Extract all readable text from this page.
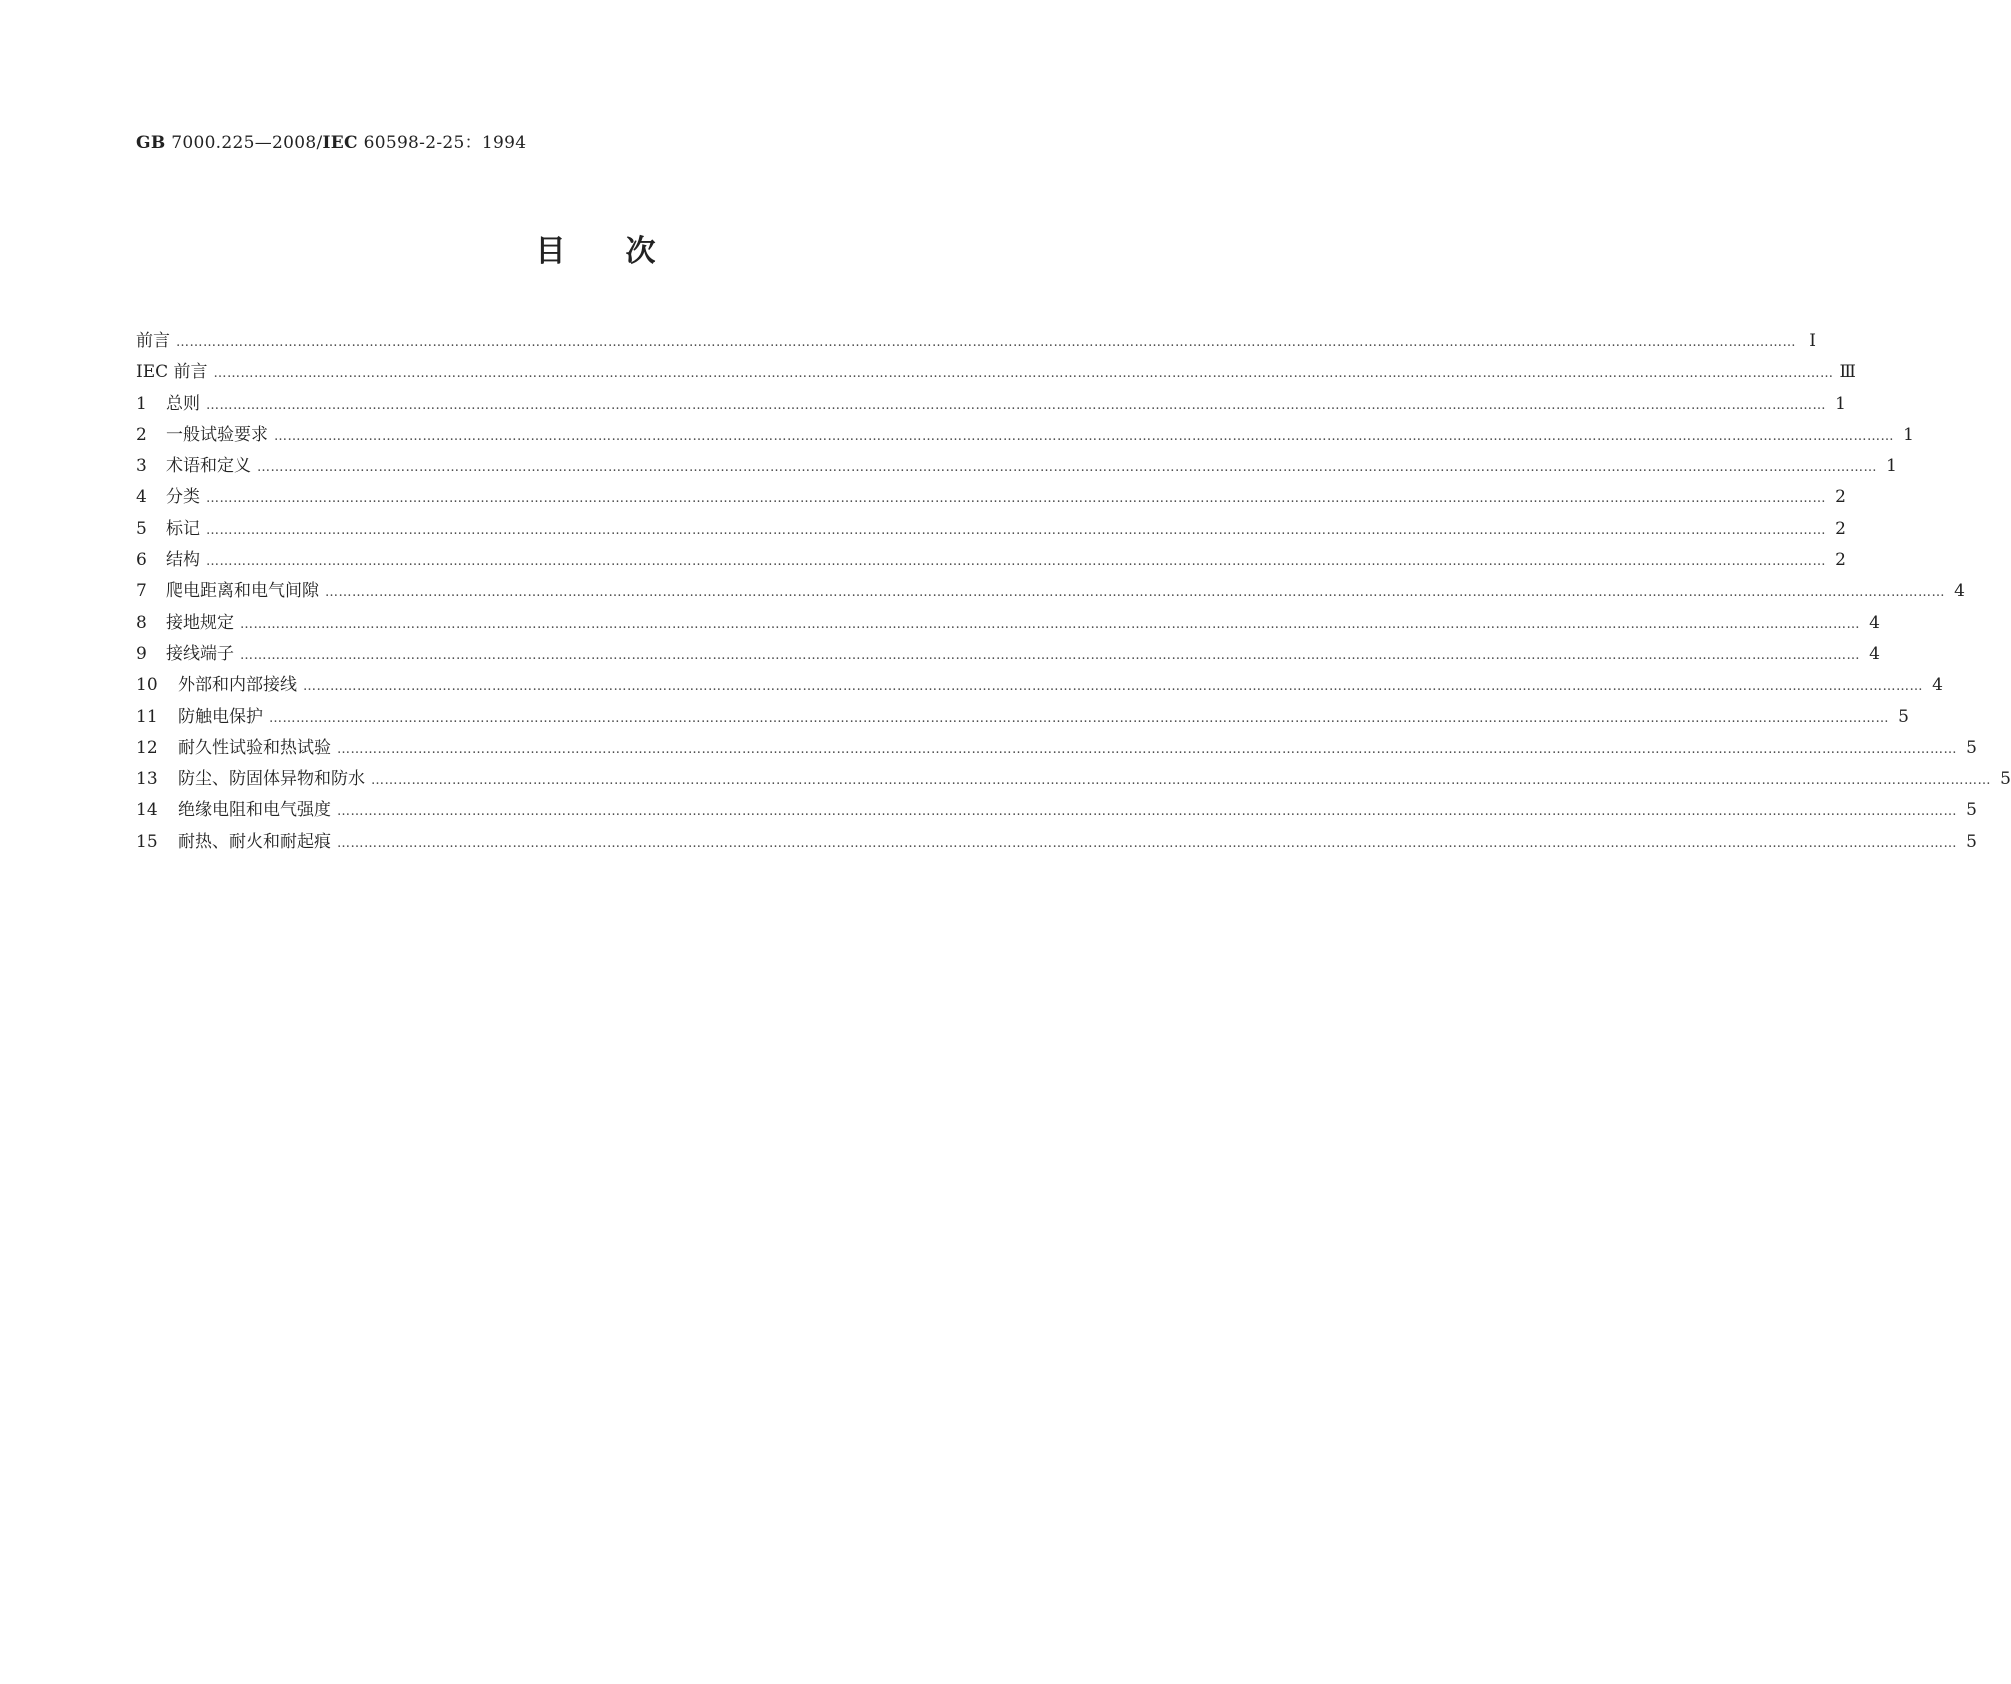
GB 7000.225—2008/IEC 60598-2-25：1994
目次
前言 ……………………………………………………………………………………………………………………………………………………………………………………………………………………………………………………………………………………………………………………………… Ⅰ
IEC 前言 ……………………………………………………………………………………………………………………………………………………………………………………………………………………………………………………………………………………………………………………………… Ⅲ
1	总则 ……………………………………………………………………………………………………………………………………………………………………………………………………………………………………………………………………………………………………………………………… 1
2	一般试验要求 ……………………………………………………………………………………………………………………………………………………………………………………………………………………………………………………………………………………………………………………………… 1
3	术语和定义 ……………………………………………………………………………………………………………………………………………………………………………………………………………………………………………………………………………………………………………………………… 1
4	分类 ……………………………………………………………………………………………………………………………………………………………………………………………………………………………………………………………………………………………………………………………… 2
5	标记 ……………………………………………………………………………………………………………………………………………………………………………………………………………………………………………………………………………………………………………………………… 2
6	结构 ……………………………………………………………………………………………………………………………………………………………………………………………………………………………………………………………………………………………………………………………… 2
7	爬电距离和电气间隙 ……………………………………………………………………………………………………………………………………………………………………………………………………………………………………………………………………………………………………………………………… 4
8	接地规定 ……………………………………………………………………………………………………………………………………………………………………………………………………………………………………………………………………………………………………………………………… 4
9	接线端子 ……………………………………………………………………………………………………………………………………………………………………………………………………………………………………………………………………………………………………………………………… 4
10	外部和内部接线 ……………………………………………………………………………………………………………………………………………………………………………………………………………………………………………………………………………………………………………………………… 4
11	防触电保护 ……………………………………………………………………………………………………………………………………………………………………………………………………………………………………………………………………………………………………………………………… 5
12	耐久性试验和热试验 ……………………………………………………………………………………………………………………………………………………………………………………………………………………………………………………………………………………………………………………………… 5
13	防尘、防固体异物和防水 ……………………………………………………………………………………………………………………………………………………………………………………………………………………………………………………………………………………………………………………………… 5
14	绝缘电阻和电气强度 ……………………………………………………………………………………………………………………………………………………………………………………………………………………………………………………………………………………………………………………………… 5
15	耐热、耐火和耐起痕 ……………………………………………………………………………………………………………………………………………………………………………………………………………………………………………………………………………………………………………………………… 5
